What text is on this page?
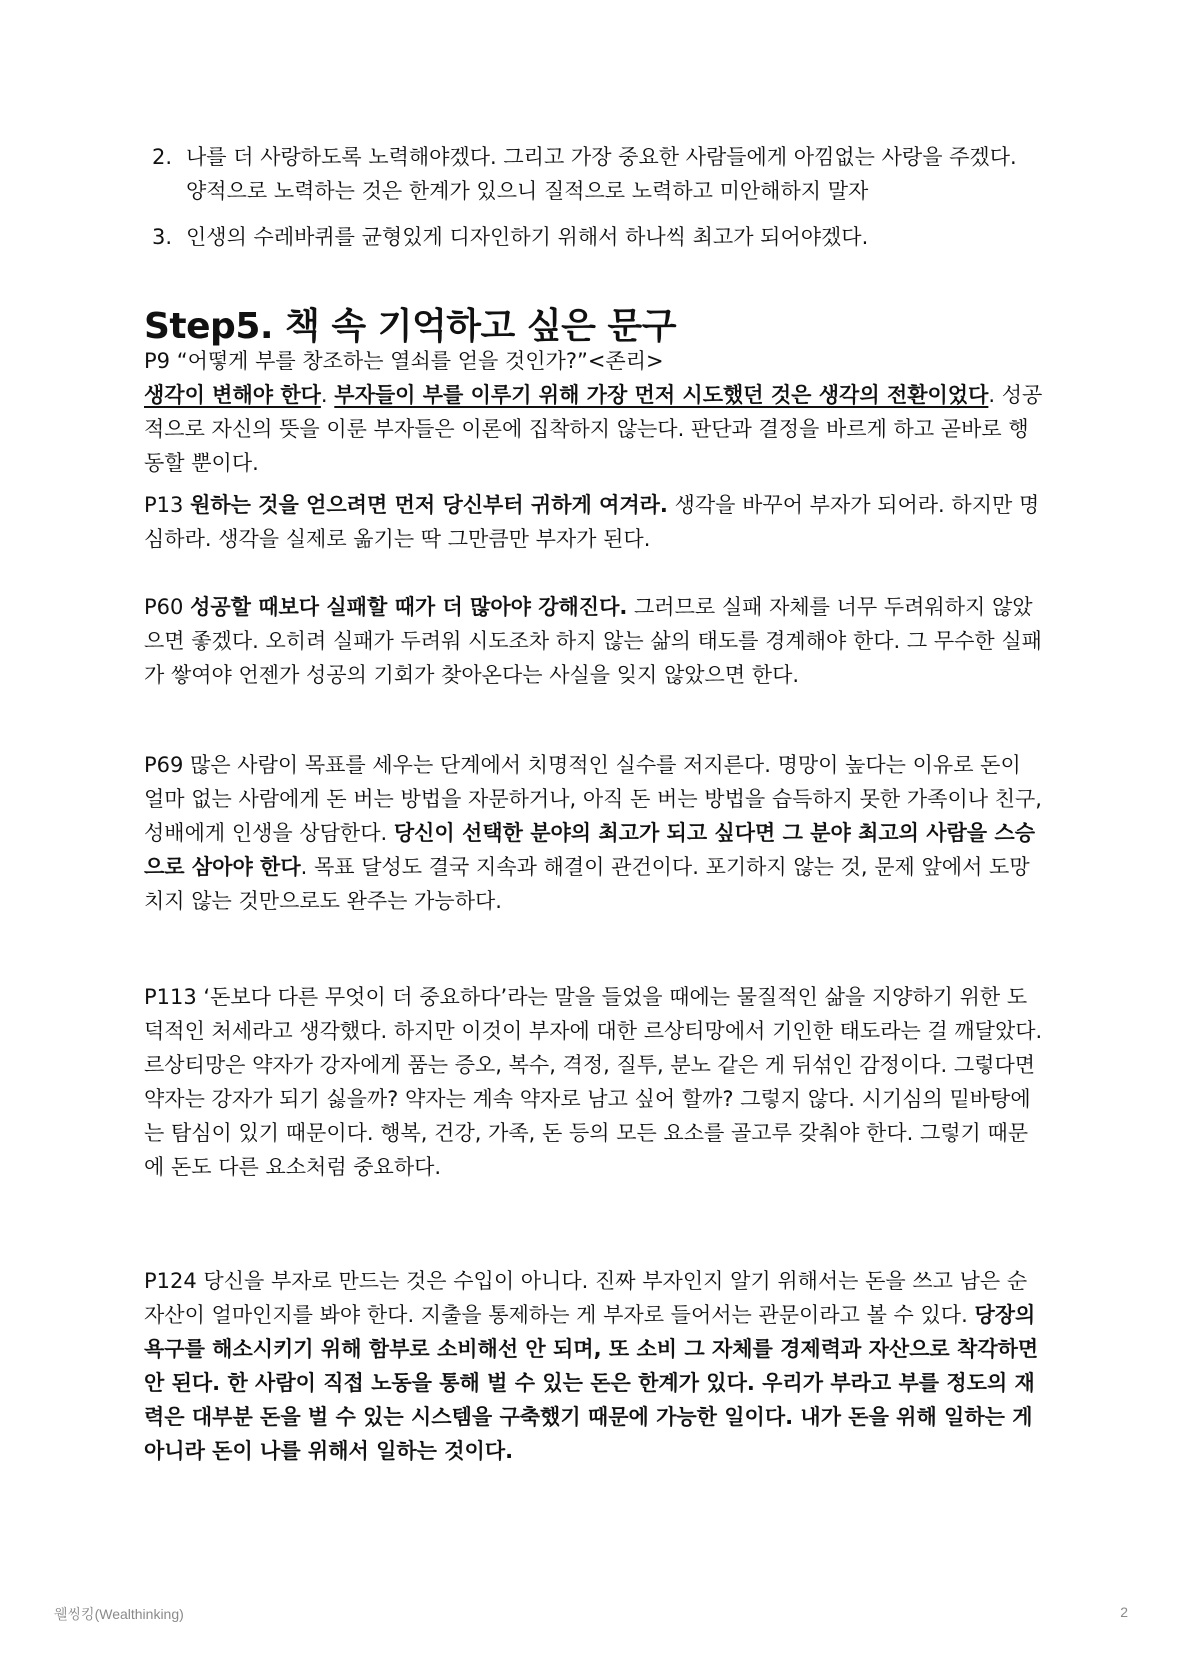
2. 나를 더 사랑하도록 노력해야겠다. 그리고 가장 중요한 사람들에게 아낌없는 사랑을 주겠다. 양적으로 노력하는 것은 한계가 있으니 질적으로 노력하고 미안해하지 말자
3. 인생의 수레바퀴를 균형있게 디자인하기 위해서 하나씩 최고가 되어야겠다.
Step5. 책 속 기억하고 싶은 문구

P9 “어떻게 부를 창조하는 열쇠를 얻을 것인가?”<존리>
생각이 변해야 한다. 부자들이 부를 이루기 위해 가장 먼저 시도했던 것은 생각의 전환이었다. 성공적으로 자신의 뜻을 이룬 부자들은 이론에 집착하지 않는다. 판단과 결정을 바르게 하고 곧바로 행동할 뿐이다.

P13 원하는 것을 얻으려면 먼저 당신부터 귀하게 여겨라. 생각을 바꾸어 부자가 되어라. 하지만 명심하라. 생각을 실제로 옮기는 딱 그만큼만 부자가 된다.

P60 성공할 때보다 실패할 때가 더 많아야 강해진다. 그러므로 실패 자체를 너무 두려워하지 않았으면 좋겠다. 오히려 실패가 두려워 시도조차 하지 않는 삶의 태도를 경계해야 한다. 그 무수한 실패가 쌓여야 언젠가 성공의 기회가 찾아온다는 사실을 잊지 않았으면 한다.

P69 많은 사람이 목표를 세우는 단계에서 치명적인 실수를 저지른다. 명망이 높다는 이유로 돈이 얼마 없는 사람에게 돈 버는 방법을 자문하거나, 아직 돈 버는 방법을 습득하지 못한 가족이나 친구, 성배에게 인생을 상담한다. 당신이 선택한 분야의 최고가 되고 싶다면 그 분야 최고의 사람을 스승으로 삼아야 한다. 목표 달성도 결국 지속과 해결이 관건이다. 포기하지 않는 것, 문제 앞에서 도망치지 않는 것만으로도 완주는 가능하다.

P113 ‘돈보다 다른 무엇이 더 중요하다’라는 말을 들었을 때에는 물질적인 삶을 지양하기 위한 도덕적인 처세라고 생각했다. 하지만 이것이 부자에 대한 르상티망에서 기인한 태도라는 걸 깨달았다. 르상티망은 약자가 강자에게 품는 증오, 복수, 격정, 질투, 분노 같은 게 뒤섞인 감정이다. 그렇다면 약자는 강자가 되기 싫을까? 약자는 계속 약자로 남고 싶어 할까? 그렇지 않다. 시기심의 밑바탕에는 탐심이 있기 때문이다. 행복, 건강, 가족, 돈 등의 모든 요소를 골고루 갖춰야 한다. 그렇기 때문에 돈도 다른 요소처럼 중요하다.

P124 당신을 부자로 만드는 것은 수입이 아니다. 진짜 부자인지 알기 위해서는 돈을 쓰고 남은 순자산이 얼마인지를 봐야 한다. 지출을 통제하는 게 부자로 들어서는 관문이라고 볼 수 있다. 당장의 욕구를 해소시키기 위해 함부로 소비해선 안 되며, 또 소비 그 자체를 경제력과 자산으로 착각하면 안 된다. 한 사람이 직접 노동을 통해 벌 수 있는 돈은 한계가 있다. 우리가 부라고 부를 정도의 재력은 대부분 돈을 벌 수 있는 시스템을 구축했기 때문에 가능한 일이다. 내가 돈을 위해 일하는 게 아니라 돈이 나를 위해서 일하는 것이다.

웰씽킹(Wealthinking)	2
